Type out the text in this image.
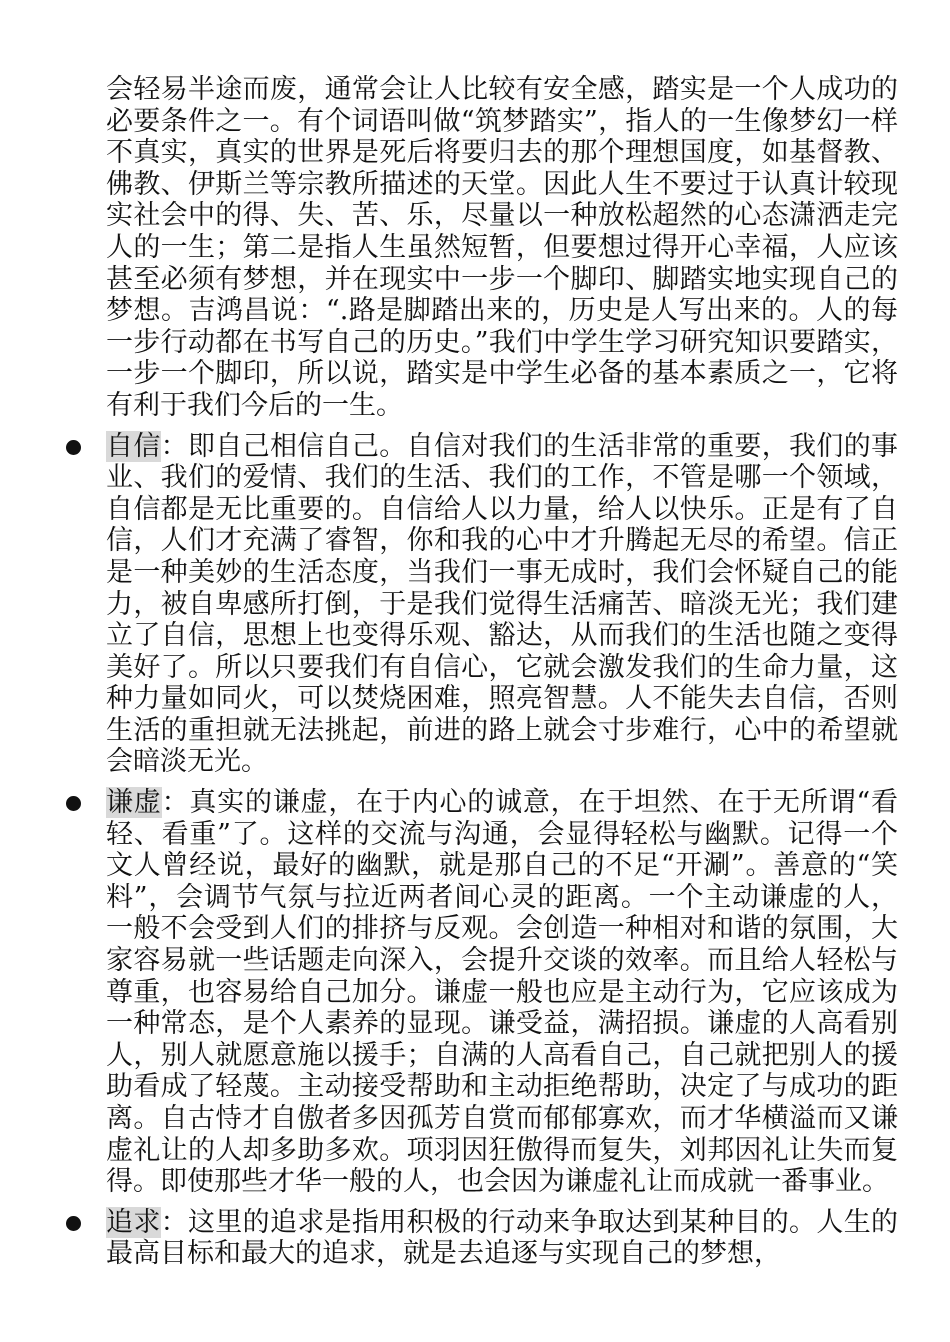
会轻易半途而废，通常会让人比较有安全感，踏实是一个人成功的必要条件之一。有个词语叫做“筑梦踏实”，指人的一生像梦幻一样不真实，真实的世界是死后将要归去的那个理想国度，如基督教、佛教、伊斯兰等宗教所描述的天堂。因此人生不要过于认真计较现实社会中的得、失、苦、乐，尽量以一种放松超然的心态潇洒走完人的一生；第二是指人生虽然短暂，但要想过得开心幸福，人应该甚至必须有梦想，并在现实中一步一个脚印、脚踏实地实现自己的梦想。吉鸿昌说：“.路是脚踏出来的，历史是人写出来的。人的每一步行动都在书写自己的历史。”我们中学生学习研究知识要踏实，一步一个脚印，所以说，踏实是中学生必备的基本素质之一，它将有利于我们今后的一生。

自信：即自己相信自己。自信对我们的生活非常的重要，我们的事业、我们的爱情、我们的生活、我们的工作，不管是哪一个领域，自信都是无比重要的。自信给人以力量，给人以快乐。正是有了自信，人们才充满了睿智，你和我的心中才升腾起无尽的希望。信正是一种美妙的生活态度，当我们一事无成时，我们会怀疑自己的能力，被自卑感所打倒，于是我们觉得生活痛苦、暗淡无光；我们建立了自信，思想上也变得乐观、豁达，从而我们的生活也随之变得美好了。所以只要我们有自信心，它就会激发我们的生命力量，这种力量如同火，可以焚烧困难，照亮智慧。人不能失去自信，否则生活的重担就无法挑起，前进的路上就会寸步难行，心中的希望就会暗淡无光。

谦虚：真实的谦虚，在于内心的诚意，在于坦然、在于无所谓“看轻、看重”了。这样的交流与沟通，会显得轻松与幽默。记得一个文人曾经说，最好的幽默，就是那自己的不足“开涮”。善意的“笑料”，会调节气氛与拉近两者间心灵的距离。一个主动谦虚的人，一般不会受到人们的排挤与反观。会创造一种相对和谐的氛围，大家容易就一些话题走向深入，会提升交谈的效率。而且给人轻松与尊重，也容易给自己加分。谦虚一般也应是主动行为，它应该成为一种常态，是个人素养的显现。谦受益，满招损。谦虚的人高看别人，别人就愿意施以援手；自满的人高看自己，自己就把别人的援助看成了轻蔑。主动接受帮助和主动拒绝帮助，决定了与成功的距离。自古恃才自傲者多因孤芳自赏而郁郁寡欢，而才华横溢而又谦虚礼让的人却多助多欢。项羽因狂傲得而复失，刘邦因礼让失而复得。即使那些才华一般的人，也会因为谦虚礼让而成就一番事业。

追求：这里的追求是指用积极的行动来争取达到某种目的。人生的最高目标和最大的追求，就是去追逐与实现自己的梦想，
